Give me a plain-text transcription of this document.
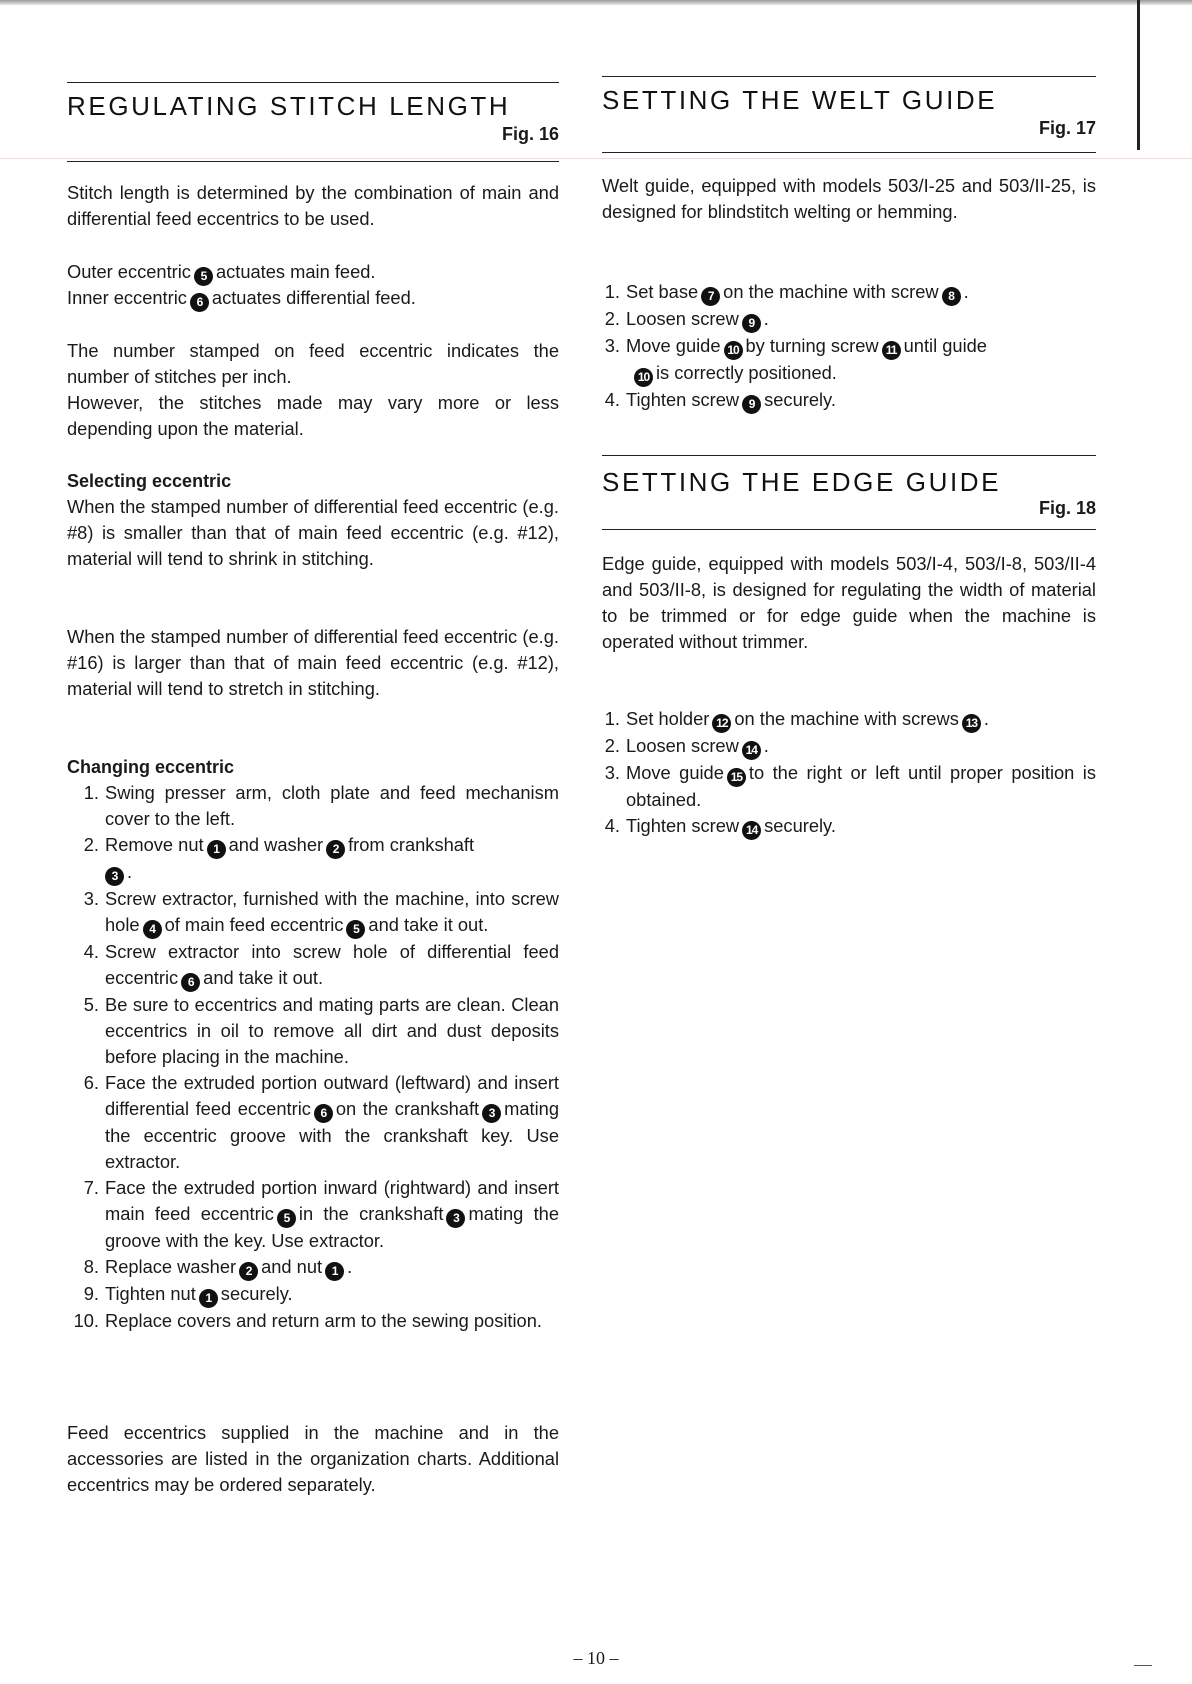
REGULATING STITCH LENGTH
Fig. 16

Stitch length is determined by the combination of main and differential feed eccentrics to be used.

Outer eccentric 5 actuates main feed.

Inner eccentric 6 actuates differential feed.

The number stamped on feed eccentric indicates the number of stitches per inch.

However, the stitches made may vary more or less depending upon the material.

Selecting eccentric

When the stamped number of differential feed eccentric (e.g. #8) is smaller than that of main feed eccentric (e.g. #12), material will tend to shrink in stitching.

When the stamped number of differential feed eccentric (e.g. #16) is larger than that of main feed eccentric (e.g. #12), material will tend to stretch in stitching.

Changing eccentric

1. Swing presser arm, cloth plate and feed mechanism cover to the left.
2. Remove nut 1 and washer 2 from crankshaft
3 .
3. Screw extractor, furnished with the machine, into screw hole 4 of main feed eccentric 5 and take it out.
4. Screw extractor into screw hole of differential feed eccentric 6 and take it out.
5. Be sure to eccentrics and mating parts are clean. Clean eccentrics in oil to remove all dirt and dust deposits before placing in the machine.
6. Face the extruded portion outward (leftward) and insert differential feed eccentric 6 on the crankshaft 3 mating the eccentric groove with the crankshaft key. Use extractor.
7. Face the extruded portion inward (rightward) and insert main feed eccentric 5 in the crankshaft 3 mating the groove with the key. Use extractor.
8. Replace washer 2 and nut 1 .
9. Tighten nut 1 securely.
10. Replace covers and return arm to the sewing position.

Feed eccentrics supplied in the machine and in the accessories are listed in the organization charts. Additional eccentrics may be ordered separately.

SETTING THE WELT GUIDE
Fig. 17

Welt guide, equipped with models 503/I-25 and 503/II-25, is designed for blindstitch welting or hemming.

1. Set base 7 on the machine with screw 8 .
2. Loosen screw 9 .
3. Move guide 10 by turning screw 11 until guide
10 is correctly positioned.
4. Tighten screw 9 securely.
SETTING THE EDGE GUIDE
Fig. 18

Edge guide, equipped with models 503/I-4, 503/I-8, 503/II-4 and 503/II-8, is designed for regulating the width of material to be trimmed or for edge guide when the machine is operated without trimmer.

1. Set holder 12 on the machine with screws 13 .
2. Loosen screw 14 .
3. Move guide 15 to the right or left until proper position is obtained.
4. Tighten screw 14 securely.
– 10 –
